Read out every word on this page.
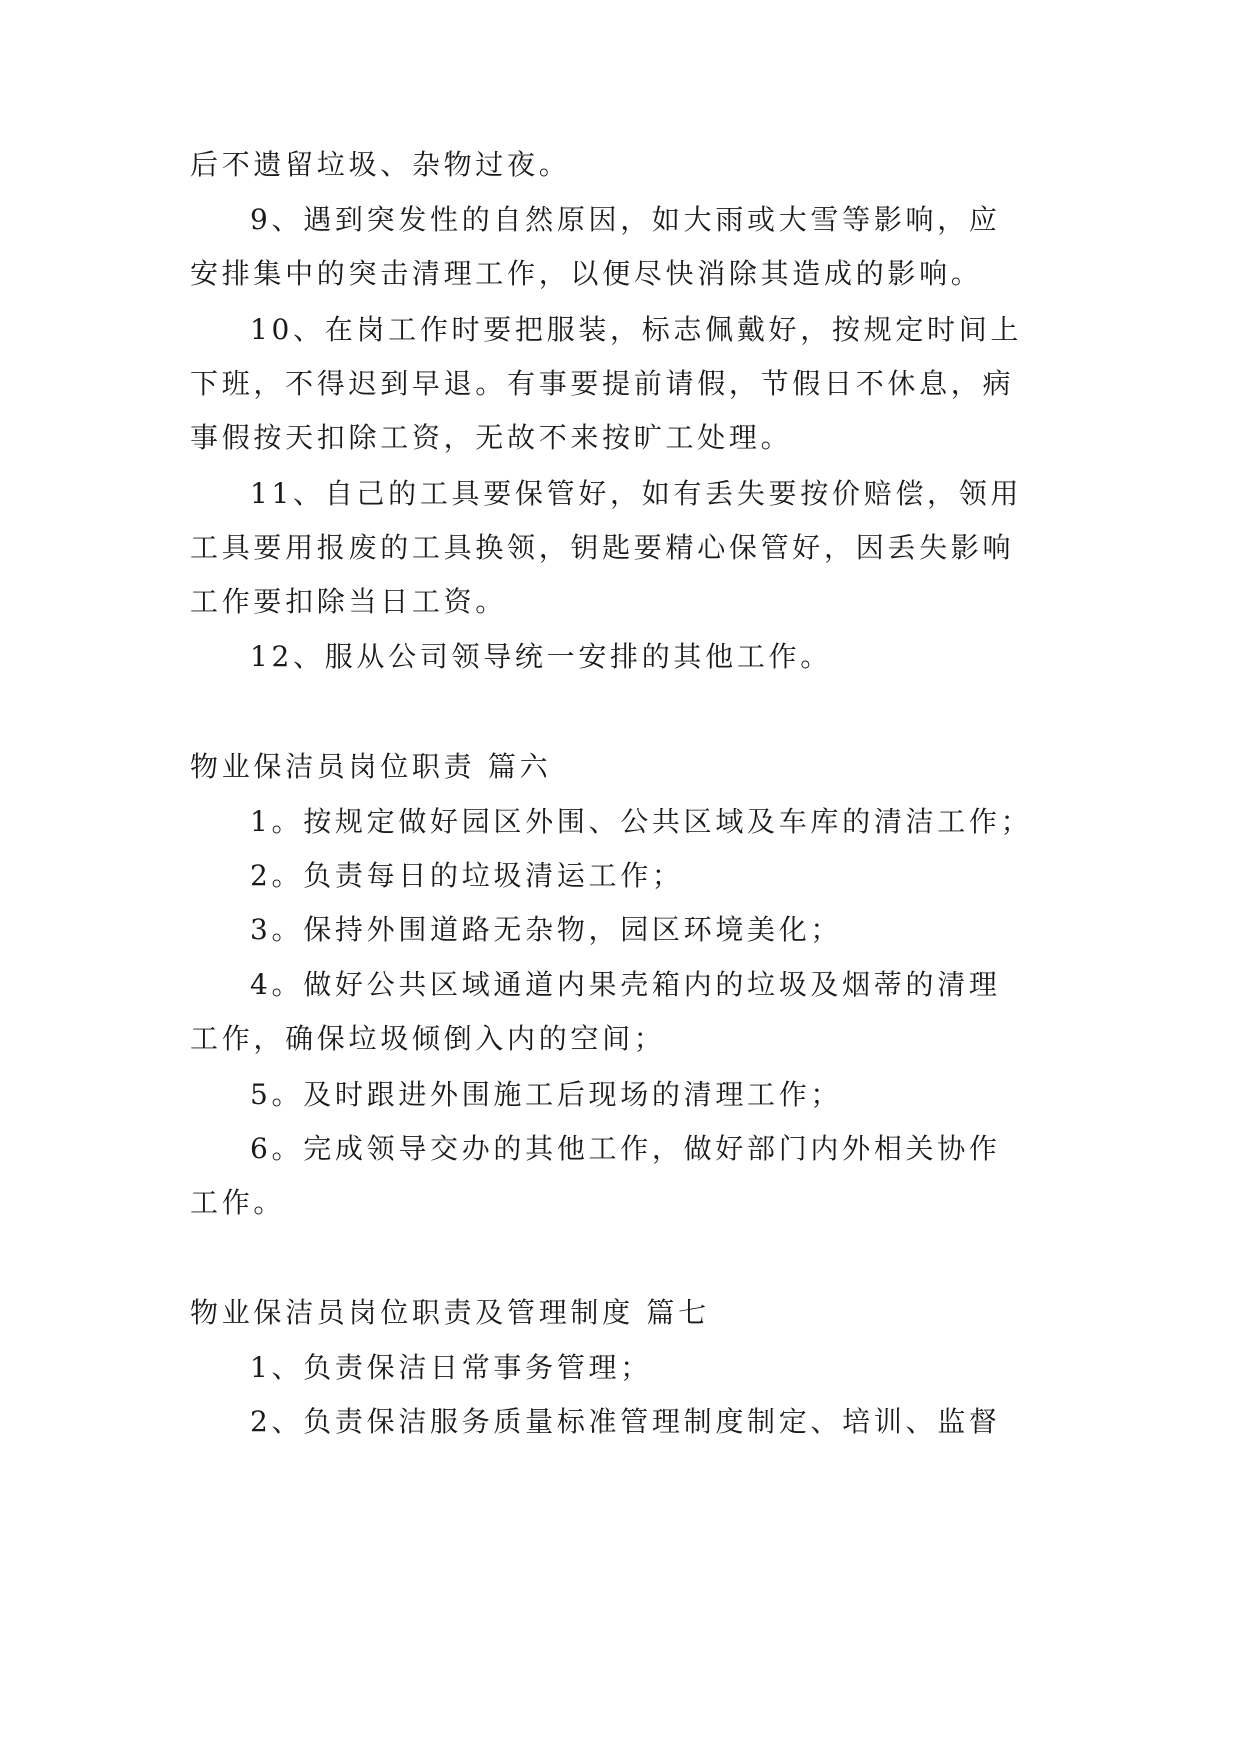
后不遗留垃圾、杂物过夜。
9、遇到突发性的自然原因，如大雨或大雪等影响，应
安排集中的突击清理工作，以便尽快消除其造成的影响。
10、在岗工作时要把服装，标志佩戴好，按规定时间上
下班，不得迟到早退。有事要提前请假，节假日不休息，病
事假按天扣除工资，无故不来按旷工处理。
11、自己的工具要保管好，如有丢失要按价赔偿，领用
工具要用报废的工具换领，钥匙要精心保管好，因丢失影响
工作要扣除当日工资。
12、服从公司领导统一安排的其他工作。
物业保洁员岗位职责 篇六
1。按规定做好园区外围、公共区域及车库的清洁工作；
2。负责每日的垃圾清运工作；
3。保持外围道路无杂物，园区环境美化；
4。做好公共区域通道内果壳箱内的垃圾及烟蒂的清理
工作，确保垃圾倾倒入内的空间；
5。及时跟进外围施工后现场的清理工作；
6。完成领导交办的其他工作，做好部门内外相关协作
工作。
物业保洁员岗位职责及管理制度 篇七
1、负责保洁日常事务管理；
2、负责保洁服务质量标准管理制度制定、培训、监督
